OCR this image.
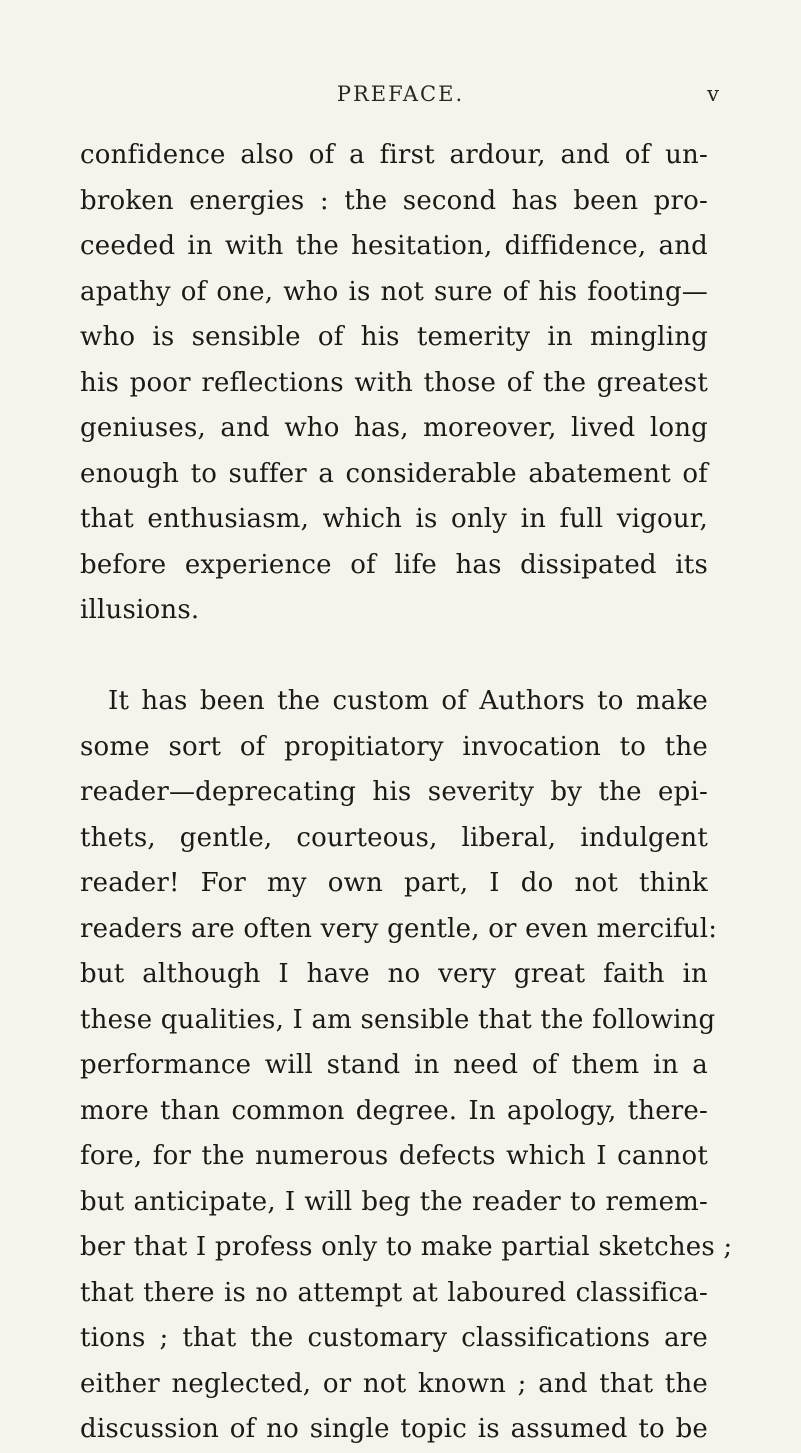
PREFACE.	v
confidence also of a first ardour, and of un-
broken energies : the second has been pro-
ceeded in with the hesitation, diffidence, and
apathy of one, who is not sure of his footing—
who is sensible of his temerity in mingling
his poor reflections with those of the greatest
geniuses, and who has, moreover, lived long
enough to suffer a considerable abatement of
that enthusiasm, which is only in full vigour,
before experience of life has dissipated its
illusions.
It has been the custom of Authors to make
some sort of propitiatory invocation to the
reader—deprecating his severity by the epi-
thets, gentle, courteous, liberal, indulgent
reader! For my own part, I do not think
readers are often very gentle, or even merciful:
but although I have no very great faith in
these qualities, I am sensible that the following
performance will stand in need of them in a
more than common degree. In apology, there-
fore, for the numerous defects which I cannot
but anticipate, I will beg the reader to remem-
ber that I profess only to make partial sketches ;
that there is no attempt at laboured classifica-
tions ; that the customary classifications are
either neglected, or not known ; and that the
discussion of no single topic is assumed to be
